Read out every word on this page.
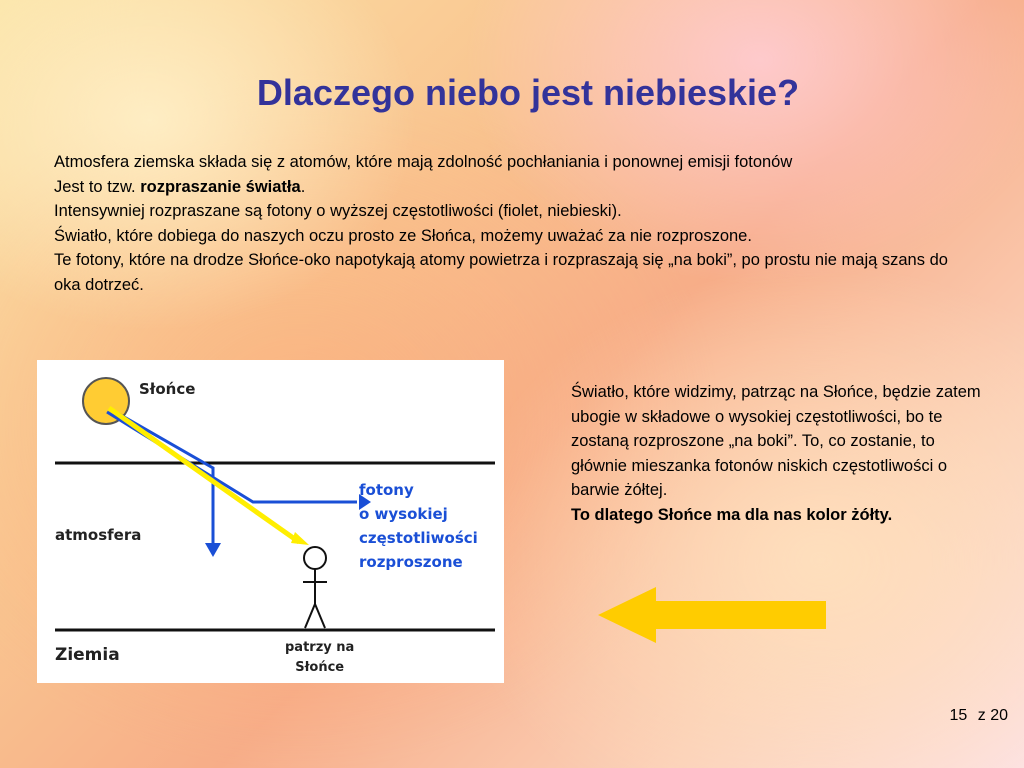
Dlaczego niebo jest niebieskie?

Atmosfera ziemska składa się z atomów, które mają zdolność pochłaniania i ponownej emisji fotonów

Jest to tzw. rozpraszanie światła.

Intensywniej rozpraszane są fotony o wyższej częstotliwości (fiolet, niebieski).

Światło, które dobiega do naszych oczu prosto ze Słońca, możemy uważać za nie rozproszone.

Te fotony, które na drodze Słońce-oko napotykają atomy powietrza i rozpraszają się „na boki”, po prostu nie mają szans do oka dotrzeć.

Słońce
atmosfera
Ziemia
fotony
o wysokiej
częstotliwości
rozproszone
patrzy na
Słońce

Światło, które widzimy, patrząc na Słońce, będzie zatem ubogie w składowe o wysokiej częstotliwości, bo te zostaną rozproszone „na boki”. To, co zostanie, to głównie mieszanka fotonów niskich częstotliwości o barwie żółtej.

To dlatego Słońce ma dla nas kolor żółty.

15 z 20
